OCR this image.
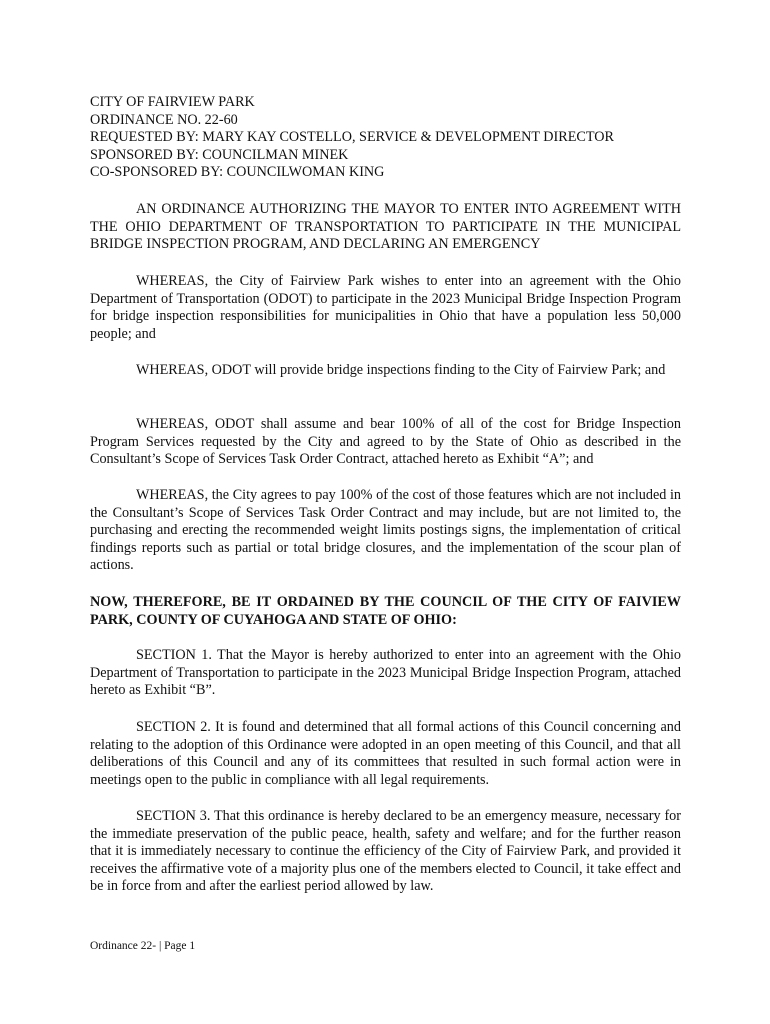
CITY OF FAIRVIEW PARK
ORDINANCE NO. 22-60
REQUESTED BY: MARY KAY COSTELLO, SERVICE & DEVELOPMENT DIRECTOR
SPONSORED BY: COUNCILMAN MINEK
CO-SPONSORED BY: COUNCILWOMAN KING
AN ORDINANCE AUTHORIZING THE MAYOR TO ENTER INTO AGREEMENT WITH THE OHIO DEPARTMENT OF TRANSPORTATION TO PARTICIPATE IN THE MUNICIPAL BRIDGE INSPECTION PROGRAM, AND DECLARING AN EMERGENCY
WHEREAS, the City of Fairview Park wishes to enter into an agreement with the Ohio Department of Transportation (ODOT) to participate in the 2023 Municipal Bridge Inspection Program for bridge inspection responsibilities for municipalities in Ohio that have a population less 50,000 people; and
WHEREAS, ODOT will provide bridge inspections finding to the City of Fairview Park; and
WHEREAS, ODOT shall assume and bear 100% of all of the cost for Bridge Inspection Program Services requested by the City and agreed to by the State of Ohio as described in the Consultant’s Scope of Services Task Order Contract, attached hereto as Exhibit “A”; and
WHEREAS, the City agrees to pay 100% of the cost of those features which are not included in the Consultant’s Scope of Services Task Order Contract and may include, but are not limited to, the purchasing and erecting the recommended weight limits postings signs, the implementation of critical findings reports such as partial or total bridge closures, and the implementation of the scour plan of actions.
NOW, THEREFORE, BE IT ORDAINED BY THE COUNCIL OF THE CITY OF FAIVIEW PARK, COUNTY OF CUYAHOGA AND STATE OF OHIO:
SECTION 1. That the Mayor is hereby authorized to enter into an agreement with the Ohio Department of Transportation to participate in the 2023 Municipal Bridge Inspection Program, attached hereto as Exhibit “B”.
SECTION 2. It is found and determined that all formal actions of this Council concerning and relating to the adoption of this Ordinance were adopted in an open meeting of this Council, and that all deliberations of this Council and any of its committees that resulted in such formal action were in meetings open to the public in compliance with all legal requirements.
SECTION 3. That this ordinance is hereby declared to be an emergency measure, necessary for the immediate preservation of the public peace, health, safety and welfare; and for the further reason that it is immediately necessary to continue the efficiency of the City of Fairview Park, and provided it receives the affirmative vote of a majority plus one of the members elected to Council, it take effect and be in force from and after the earliest period allowed by law.
Ordinance 22- | Page 1
